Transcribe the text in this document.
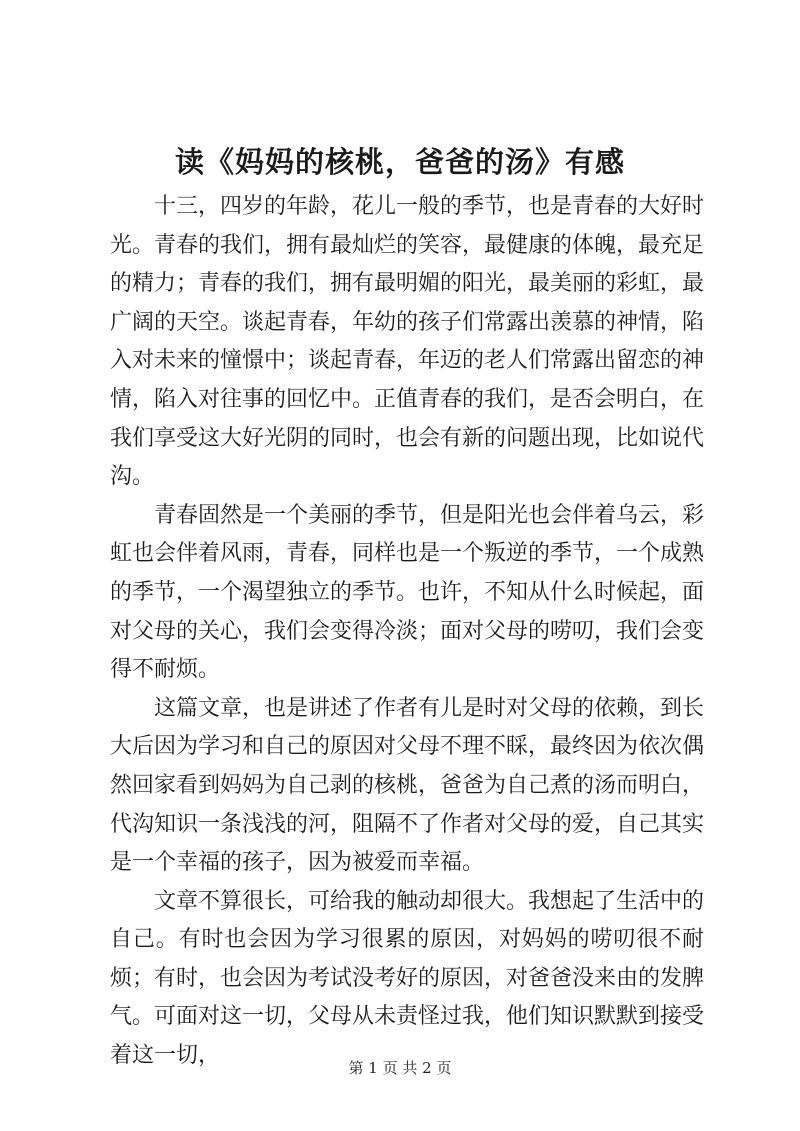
读《妈妈的核桃，爸爸的汤》有感

十三，四岁的年龄，花儿一般的季节，也是青春的大好时光。青春的我们，拥有最灿烂的笑容，最健康的体魄，最充足的精力；青春的我们，拥有最明媚的阳光，最美丽的彩虹，最广阔的天空。谈起青春，年幼的孩子们常露出羡慕的神情，陷入对未来的憧憬中；谈起青春，年迈的老人们常露出留恋的神情，陷入对往事的回忆中。正值青春的我们，是否会明白，在我们享受这大好光阴的同时，也会有新的问题出现，比如说代沟。

青春固然是一个美丽的季节，但是阳光也会伴着乌云，彩虹也会伴着风雨，青春，同样也是一个叛逆的季节，一个成熟的季节，一个渴望独立的季节。也许，不知从什么时候起，面对父母的关心，我们会变得冷淡；面对父母的唠叨，我们会变得不耐烦。

这篇文章，也是讲述了作者有儿是时对父母的依赖，到长大后因为学习和自己的原因对父母不理不睬，最终因为依次偶然回家看到妈妈为自己剥的核桃，爸爸为自己煮的汤而明白，代沟知识一条浅浅的河，阻隔不了作者对父母的爱，自己其实是一个幸福的孩子，因为被爱而幸福。

文章不算很长，可给我的触动却很大。我想起了生活中的自己。有时也会因为学习很累的原因，对妈妈的唠叨很不耐烦；有时，也会因为考试没考好的原因，对爸爸没来由的发脾气。可面对这一切，父母从未责怪过我，他们知识默默到接受着这一切，	第 1 页 共 2 页
